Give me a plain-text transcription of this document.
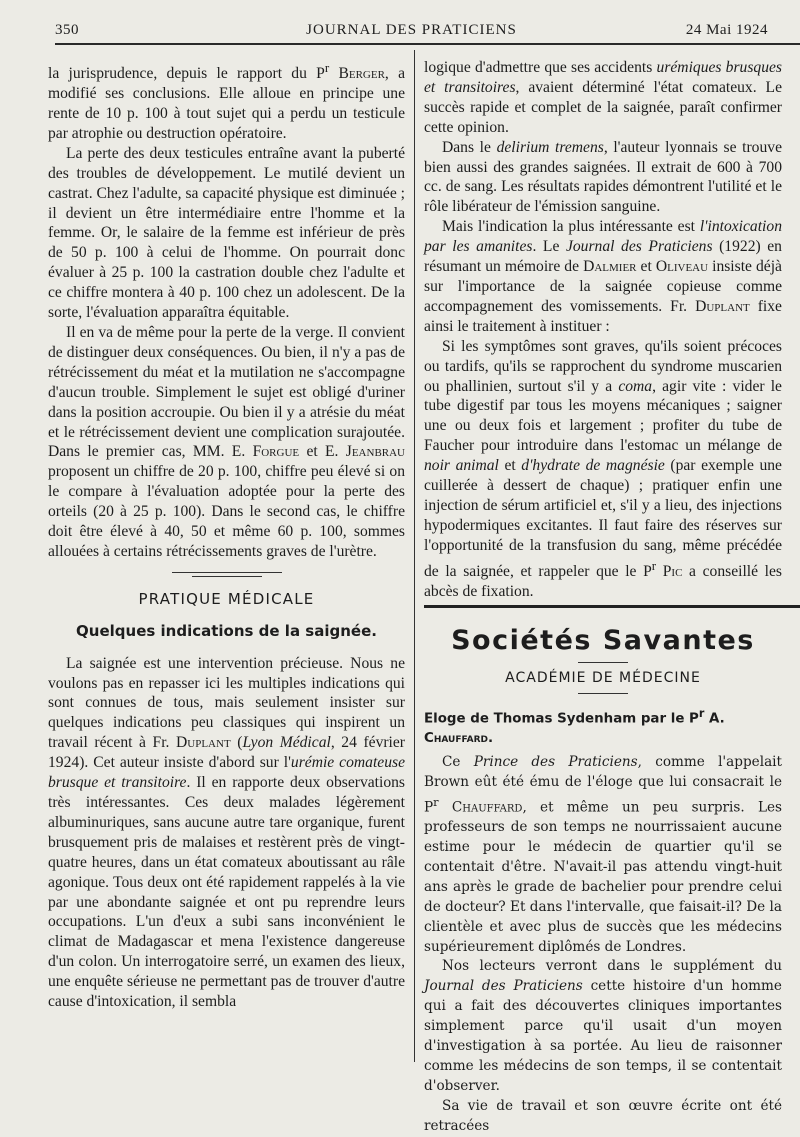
350	JOURNAL DES PRATICIENS	24 Mai 1924

la jurisprudence, depuis le rapport du $P^r$ Berger, a modifié ses conclusions. Elle alloue en principe une rente de 10 p. 100 à tout sujet qui a perdu un testicule par atrophie ou destruction opératoire.

La perte des deux testicules entraîne avant la puberté des troubles de développement. Le mutilé devient un castrat. Chez l'adulte, sa capacité physique est diminuée ; il devient un être intermédiaire entre l'homme et la femme. Or, le salaire de la femme est inférieur de près de 50 p. 100 à celui de l'homme. On pourrait donc évaluer à 25 p. 100 la castration double chez l'adulte et ce chiffre montera à 40 p. 100 chez un adolescent. De la sorte, l'évaluation apparaîtra équitable.

Il en va de même pour la perte de la verge. Il convient de distinguer deux conséquences. Ou bien, il n'y a pas de rétrécissement du méat et la mutilation ne s'accompagne d'aucun trouble. Simplement le sujet est obligé d'uriner dans la position accroupie. Ou bien il y a atrésie du méat et le rétrécissement devient une complication surajoutée. Dans le premier cas, MM. E. Forgue et E. Jeanbrau proposent un chiffre de 20 p. 100, chiffre peu élevé si on le compare à l'évaluation adoptée pour la perte des orteils (20 à 25 p. 100). Dans le second cas, le chiffre doit être élevé à 40, 50 et même 60 p. 100, sommes allouées à certains rétrécissements graves de l'urètre.

PRATIQUE MÉDICALE
Quelques indications de la saignée.

La saignée est une intervention précieuse. Nous ne voulons pas en repasser ici les multiples indications qui sont connues de tous, mais seulement insister sur quelques indications peu classiques qui inspirent un travail récent à Fr. Duplant (Lyon Médical, 24 février 1924). Cet auteur insiste d'abord sur l'urémie comateuse brusque et transitoire. Il en rapporte deux observations très intéressantes. Ces deux malades légèrement albuminuriques, sans aucune autre tare organique, furent brusquement pris de malaises et restèrent près de vingt-quatre heures, dans un état comateux aboutissant au râle agonique. Tous deux ont été rapidement rappelés à la vie par une abondante saignée et ont pu reprendre leurs occupations. L'un d'eux a subi sans inconvénient le climat de Madagascar et mena l'existence dangereuse d'un colon. Un interrogatoire serré, un examen des lieux, une enquête sérieuse ne permettant pas de trouver d'autre cause d'intoxication, il sembla

logique d'admettre que ses accidents urémiques brusques et transitoires, avaient déterminé l'état comateux. Le succès rapide et complet de la saignée, paraît confirmer cette opinion.

Dans le delirium tremens, l'auteur lyonnais se trouve bien aussi des grandes saignées. Il extrait de 600 à 700 cc. de sang. Les résultats rapides démontrent l'utilité et le rôle libérateur de l'émission sanguine.

Mais l'indication la plus intéressante est l'intoxication par les amanites. Le Journal des Praticiens (1922) en résumant un mémoire de Dalmier et Oliveau insiste déjà sur l'importance de la saignée copieuse comme accompagnement des vomissements. Fr. Duplant fixe ainsi le traitement à instituer :

Si les symptômes sont graves, qu'ils soient précoces ou tardifs, qu'ils se rapprochent du syndrome muscarien ou phallinien, surtout s'il y a coma, agir vite : vider le tube digestif par tous les moyens mécaniques ; saigner une ou deux fois et largement ; profiter du tube de Faucher pour introduire dans l'estomac un mélange de noir animal et d'hydrate de magnésie (par exemple une cuillerée à dessert de chaque) ; pratiquer enfin une injection de sérum artificiel et, s'il y a lieu, des injections hypodermiques excitantes. Il faut faire des réserves sur l'opportunité de la transfusion du sang, même précédée de la saignée, et rappeler que le $P^r$ Pic a conseillé les abcès de fixation.

Sociétés Savantes
ACADÉMIE DE MÉDECINE
Eloge de Thomas Sydenham par le $P^r$ A. Chauffard.

Ce Prince des Praticiens, comme l'appelait Brown eût été ému de l'éloge que lui consacrait le $P^r$ Chauffard, et même un peu surpris. Les professeurs de son temps ne nourrissaient aucune estime pour le médecin de quartier qu'il se contentait d'être. N'avait-il pas attendu vingt-huit ans après le grade de bachelier pour prendre celui de docteur? Et dans l'intervalle, que faisait-il? De la clientèle et avec plus de succès que les médecins supérieurement diplômés de Londres.

Nos lecteurs verront dans le supplément du Journal des Praticiens cette histoire d'un homme qui a fait des découvertes cliniques importantes simplement parce qu'il usait d'un moyen d'investigation à sa portée. Au lieu de raisonner comme les médecins de son temps, il se contentait d'observer.

Sa vie de travail et son œuvre écrite ont été retracées
